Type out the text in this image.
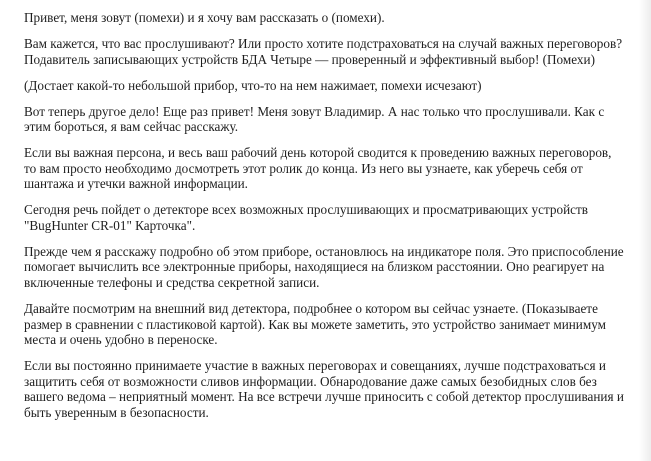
Привет, меня зовут (помехи) и я хочу вам рассказать о (помехи).

Вам кажется, что вас прослушивают? Или просто хотите подстраховаться на случай важных переговоров? Подавитель записывающих устройств БДА Четыре — проверенный и эффективный выбор! (Помехи)

(Достает какой-то небольшой прибор, что-то на нем нажимает, помехи исчезают)

Вот теперь другое дело! Еще раз привет! Меня зовут Владимир. А нас только что прослушивали. Как с этим бороться, я вам сейчас расскажу.

Если вы важная персона, и весь ваш рабочий день которой сводится к проведению важных переговоров, то вам просто необходимо досмотреть этот ролик до конца. Из него вы узнаете, как уберечь себя от шантажа и утечки важной информации.

Сегодня речь пойдет о детекторе всех возможных прослушивающих и просматривающих устройств "BugHunter CR-01" Карточка".

Прежде чем я расскажу подробно об этом приборе, остановлюсь на индикаторе поля. Это приспособление помогает вычислить все электронные приборы, находящиеся на близком расстоянии. Оно реагирует на включенные телефоны и средства секретной записи.

Давайте посмотрим на внешний вид детектора, подробнее о котором вы сейчас узнаете. (Показываете размер в сравнении с пластиковой картой). Как вы можете заметить, это устройство занимает минимум места и очень удобно в переноске.

Если вы постоянно принимаете участие в важных переговорах и совещаниях, лучше подстраховаться и защитить себя от возможности сливов информации. Обнародование даже самых безобидных слов без вашего ведома – неприятный момент. На все встречи лучше приносить с собой детектор прослушивания и быть уверенным в безопасности.
